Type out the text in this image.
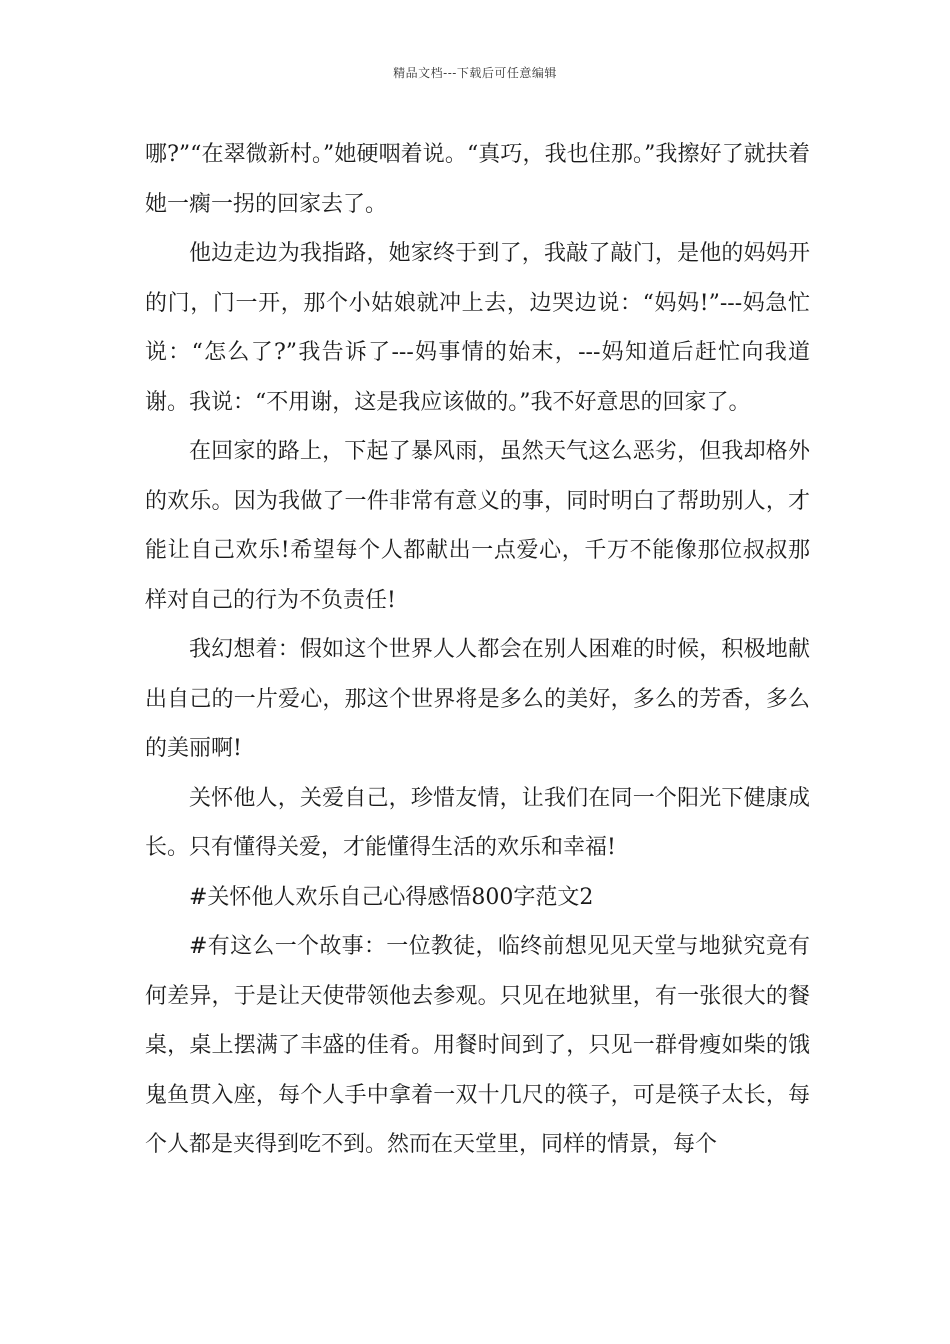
精品文档---下载后可任意编辑

哪?”“在翠微新村。”她硬咽着说。“真巧，我也住那。”我擦好了就扶着她一瘸一拐的回家去了。

他边走边为我指路，她家终于到了，我敲了敲门，是他的妈妈开的门，门一开，那个小姑娘就冲上去，边哭边说：“妈妈!”---妈急忙说：“怎么了?”我告诉了---妈事情的始末，---妈知道后赶忙向我道谢。我说：“不用谢，这是我应该做的。”我不好意思的回家了。

在回家的路上，下起了暴风雨，虽然天气这么恶劣，但我却格外的欢乐。因为我做了一件非常有意义的事，同时明白了帮助别人，才能让自己欢乐!希望每个人都献出一点爱心，千万不能像那位叔叔那样对自己的行为不负责任!

我幻想着：假如这个世界人人都会在别人困难的时候，积极地献出自己的一片爱心，那这个世界将是多么的美好，多么的芳香，多么的美丽啊!

关怀他人，关爱自己，珍惜友情，让我们在同一个阳光下健康成长。只有懂得关爱，才能懂得生活的欢乐和幸福!

#关怀他人欢乐自己心得感悟800字范文2

#有这么一个故事：一位教徒，临终前想见见天堂与地狱究竟有何差异，于是让天使带领他去参观。只见在地狱里，有一张很大的餐桌，桌上摆满了丰盛的佳肴。用餐时间到了，只见一群骨瘦如柴的饿鬼鱼贯入座，每个人手中拿着一双十几尺的筷子，可是筷子太长，每个人都是夹得到吃不到。然而在天堂里，同样的情景，每个
